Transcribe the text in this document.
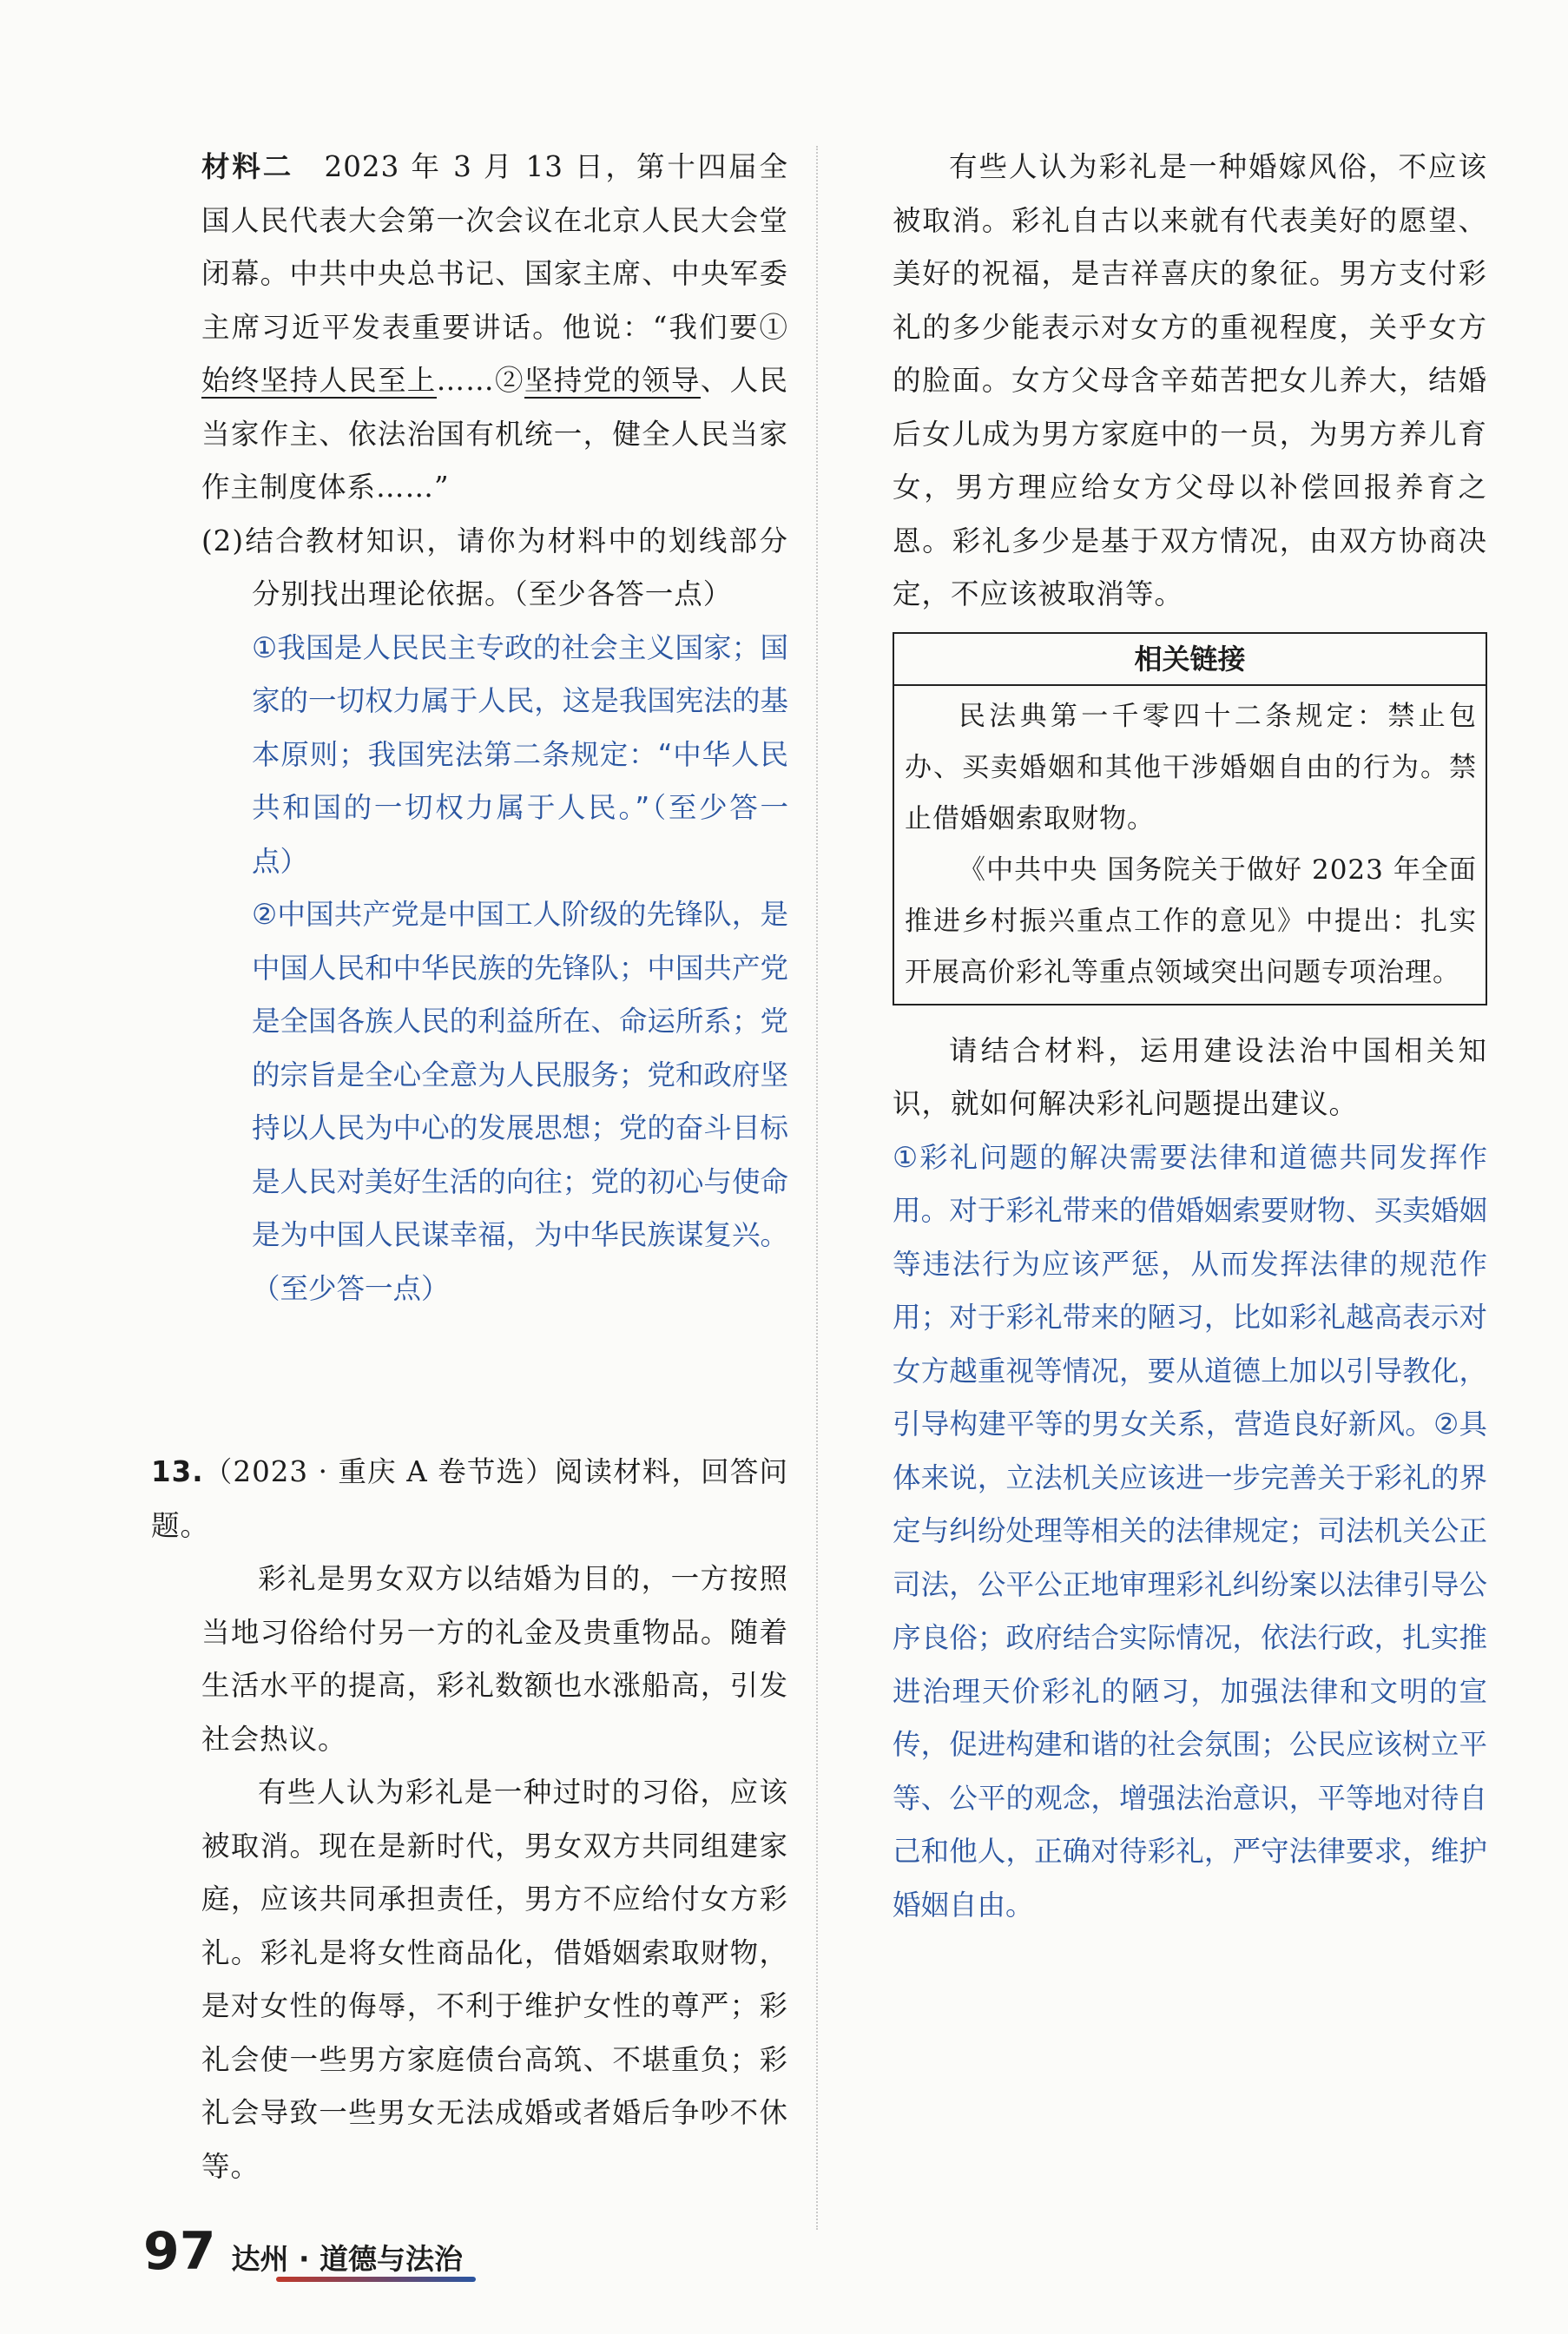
材料二　2023 年 3 月 13 日，第十四届全国人民代表大会第一次会议在北京人民大会堂闭幕。中共中央总书记、国家主席、中央军委主席习近平发表重要讲话。他说：“我们要①始终坚持人民至上……②坚持党的领导、人民当家作主、依法治国有机统一，健全人民当家作主制度体系……”

(2)结合教材知识，请你为材料中的划线部分分别找出理论依据。（至少各答一点）

①我国是人民民主专政的社会主义国家；国家的一切权力属于人民，这是我国宪法的基本原则；我国宪法第二条规定：“中华人民共和国的一切权力属于人民。”（至少答一点）

②中国共产党是中国工人阶级的先锋队，是中国人民和中华民族的先锋队；中国共产党是全国各族人民的利益所在、命运所系；党的宗旨是全心全意为人民服务；党和政府坚持以人民为中心的发展思想；党的奋斗目标是人民对美好生活的向往；党的初心与使命是为中国人民谋幸福，为中华民族谋复兴。（至少答一点）

13.（2023 · 重庆 A 卷节选）阅读材料，回答问题。

彩礼是男女双方以结婚为目的，一方按照当地习俗给付另一方的礼金及贵重物品。随着生活水平的提高，彩礼数额也水涨船高，引发社会热议。

有些人认为彩礼是一种过时的习俗，应该被取消。现在是新时代，男女双方共同组建家庭，应该共同承担责任，男方不应给付女方彩礼。彩礼是将女性商品化，借婚姻索取财物，是对女性的侮辱，不利于维护女性的尊严；彩礼会使一些男方家庭债台高筑、不堪重负；彩礼会导致一些男女无法成婚或者婚后争吵不休等。

有些人认为彩礼是一种婚嫁风俗，不应该被取消。彩礼自古以来就有代表美好的愿望、美好的祝福，是吉祥喜庆的象征。男方支付彩礼的多少能表示对女方的重视程度，关乎女方的脸面。女方父母含辛茹苦把女儿养大，结婚后女儿成为男方家庭中的一员，为男方养儿育女，男方理应给女方父母以补偿回报养育之恩。彩礼多少是基于双方情况，由双方协商决定，不应该被取消等。

相关链接

民法典第一千零四十二条规定：禁止包办、买卖婚姻和其他干涉婚姻自由的行为。禁止借婚姻索取财物。

《中共中央 国务院关于做好 2023 年全面推进乡村振兴重点工作的意见》中提出：扎实开展高价彩礼等重点领域突出问题专项治理。

请结合材料，运用建设法治中国相关知识，就如何解决彩礼问题提出建议。

①彩礼问题的解决需要法律和道德共同发挥作用。对于彩礼带来的借婚姻索要财物、买卖婚姻等违法行为应该严惩，从而发挥法律的规范作用；对于彩礼带来的陋习，比如彩礼越高表示对女方越重视等情况，要从道德上加以引导教化，引导构建平等的男女关系，营造良好新风。②具体来说，立法机关应该进一步完善关于彩礼的界定与纠纷处理等相关的法律规定；司法机关公正司法，公平公正地审理彩礼纠纷案以法律引导公序良俗；政府结合实际情况，依法行政，扎实推进治理天价彩礼的陋习，加强法律和文明的宣传，促进构建和谐的社会氛围；公民应该树立平等、公平的观念，增强法治意识，平等地对待自己和他人，正确对待彩礼，严守法律要求，维护婚姻自由。

97 达州 · 道德与法治
